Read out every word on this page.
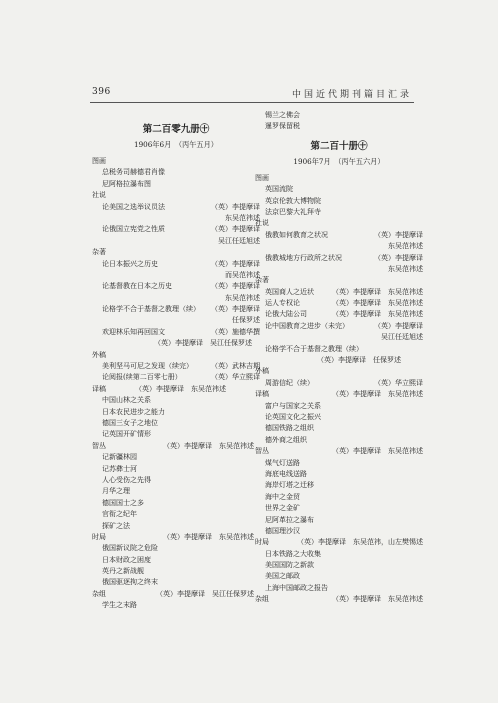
396	中国近代期刊篇目汇录
第二百零九册㊉
1906年6月　（丙午五月）
图画
总税务司赫德君肖像
尼阿格拉瀑布图
社说
论美国之选举议员法	（英）李提摩译
东吴范祎述
论俄国立宪党之性质	（英）李提摩译
吴江任廷旭述
杂著
论日本振兴之历史	（英）李提摩译
而吴范祎述
论基督教在日本之历史	（英）李提摩译
东吴范祎述
论格学不合于基督之教理（续） （英）李提摩译
任保罗述
欢迎林乐知再回国文	（英）施德华撰
（英）李提摩译　吴江任保罗述
外稿
美利坚马可尼之发现（续完）	（英）武林吉期
论阅报(续第二百零七册）	（英）华立熙译
译稿	（英）李提摩译　东吴范祎述
中国山林之关系
日本农民进步之能力
德国三女子之地位
记英国开矿情形
智丛	（英）李提摩译　东吴范祎述
记新疆林园
记苏彝士河
人心受伤之先得
月华之理
德国国士之多
官衔之纪年
探矿之法
时局	（英）李提摩译　东吴范祎述
俄国新议院之危险
日本财政之困度
英丹之新战舰
俄国驱逐拘之终末
杂组	（英）李提摩译　吴江任保罗述
学生之末路
锡兰之佛会
暹罗保留税
第二百十册㊉
1906年7月　（丙午五六月）
图画
英国流院
英京伦敦大博物院
法京巴黎大礼拜寺
社说
俄教如何教育之状况	（英）李提摩译
东吴范祎述
俄教城地方行政所之状况	（英）李提摩译
东吴范祎述
杂著
英国商人之近状	（英）李提摩译　东吴范祎述
运人专权论	（英）李提摩译　东吴范祎述
论俄大陆公司	（英）李提摩译　东吴范祎述
论中国教育之进步（未完）	（英）李提摩译
吴江任廷旭述
论格学不合于基督之教理（续）
（英）李提摩译　任保罗述
外稿
周游信纪（续）	（英）华立熙译
译稿	（英）李提摩译　东吴范祎述
富户与国家之关系
论英国文化之振兴
德国铁路之组织
德外商之组织
智丛	（英）李提摩译　东吴范祎述
煤气灯送路
海底电线送路
海岸灯塔之迁移
海中之金贸
世界之金矿
尼阿革拉之瀑布
德国理沙汉
时局	（英）李提摩译　东吴范祎，山左樊惕述
日本铁路之大收集
美国国防之新款
美国之邮政
上海中国邮政之报告
杂组	（英）李提摩译　东吴范祎述
